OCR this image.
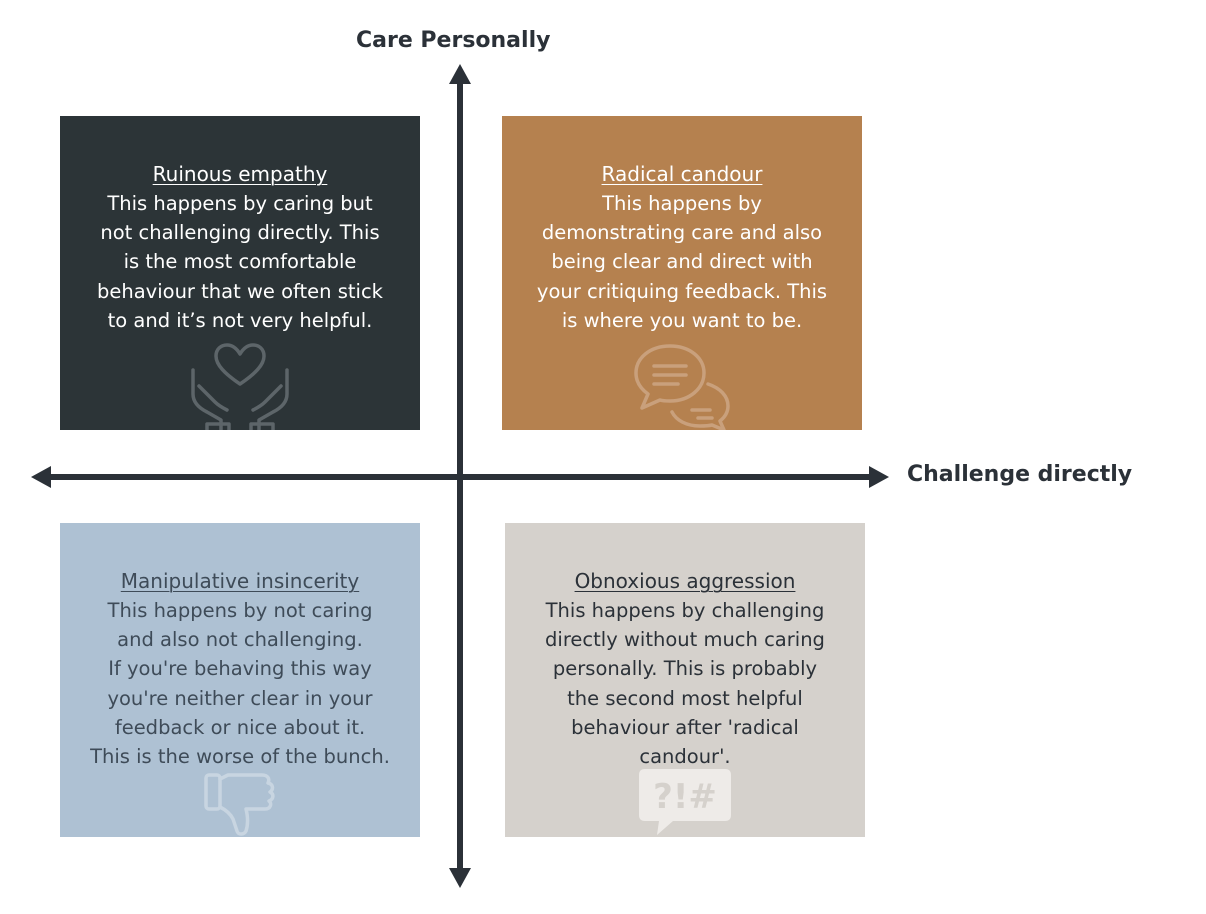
Care Personally
Challenge directly
Ruinous empathy
This happens by caring but
not challenging directly. This
is the most comfortable
behaviour that we often stick
to and it’s not very helpful.
Radical candour
This happens by
demonstrating care and also
being clear and direct with
your critiquing feedback. This
is where you want to be.
Manipulative insincerity
This happens by not caring
and also not challenging.
If you're behaving this way
you're neither clear in your
feedback or nice about it.
This is the worse of the bunch.
Obnoxious aggression
This happens by challenging
directly without much caring
personally. This is probably
the second most helpful
behaviour after 'radical
candour'.
?!#
